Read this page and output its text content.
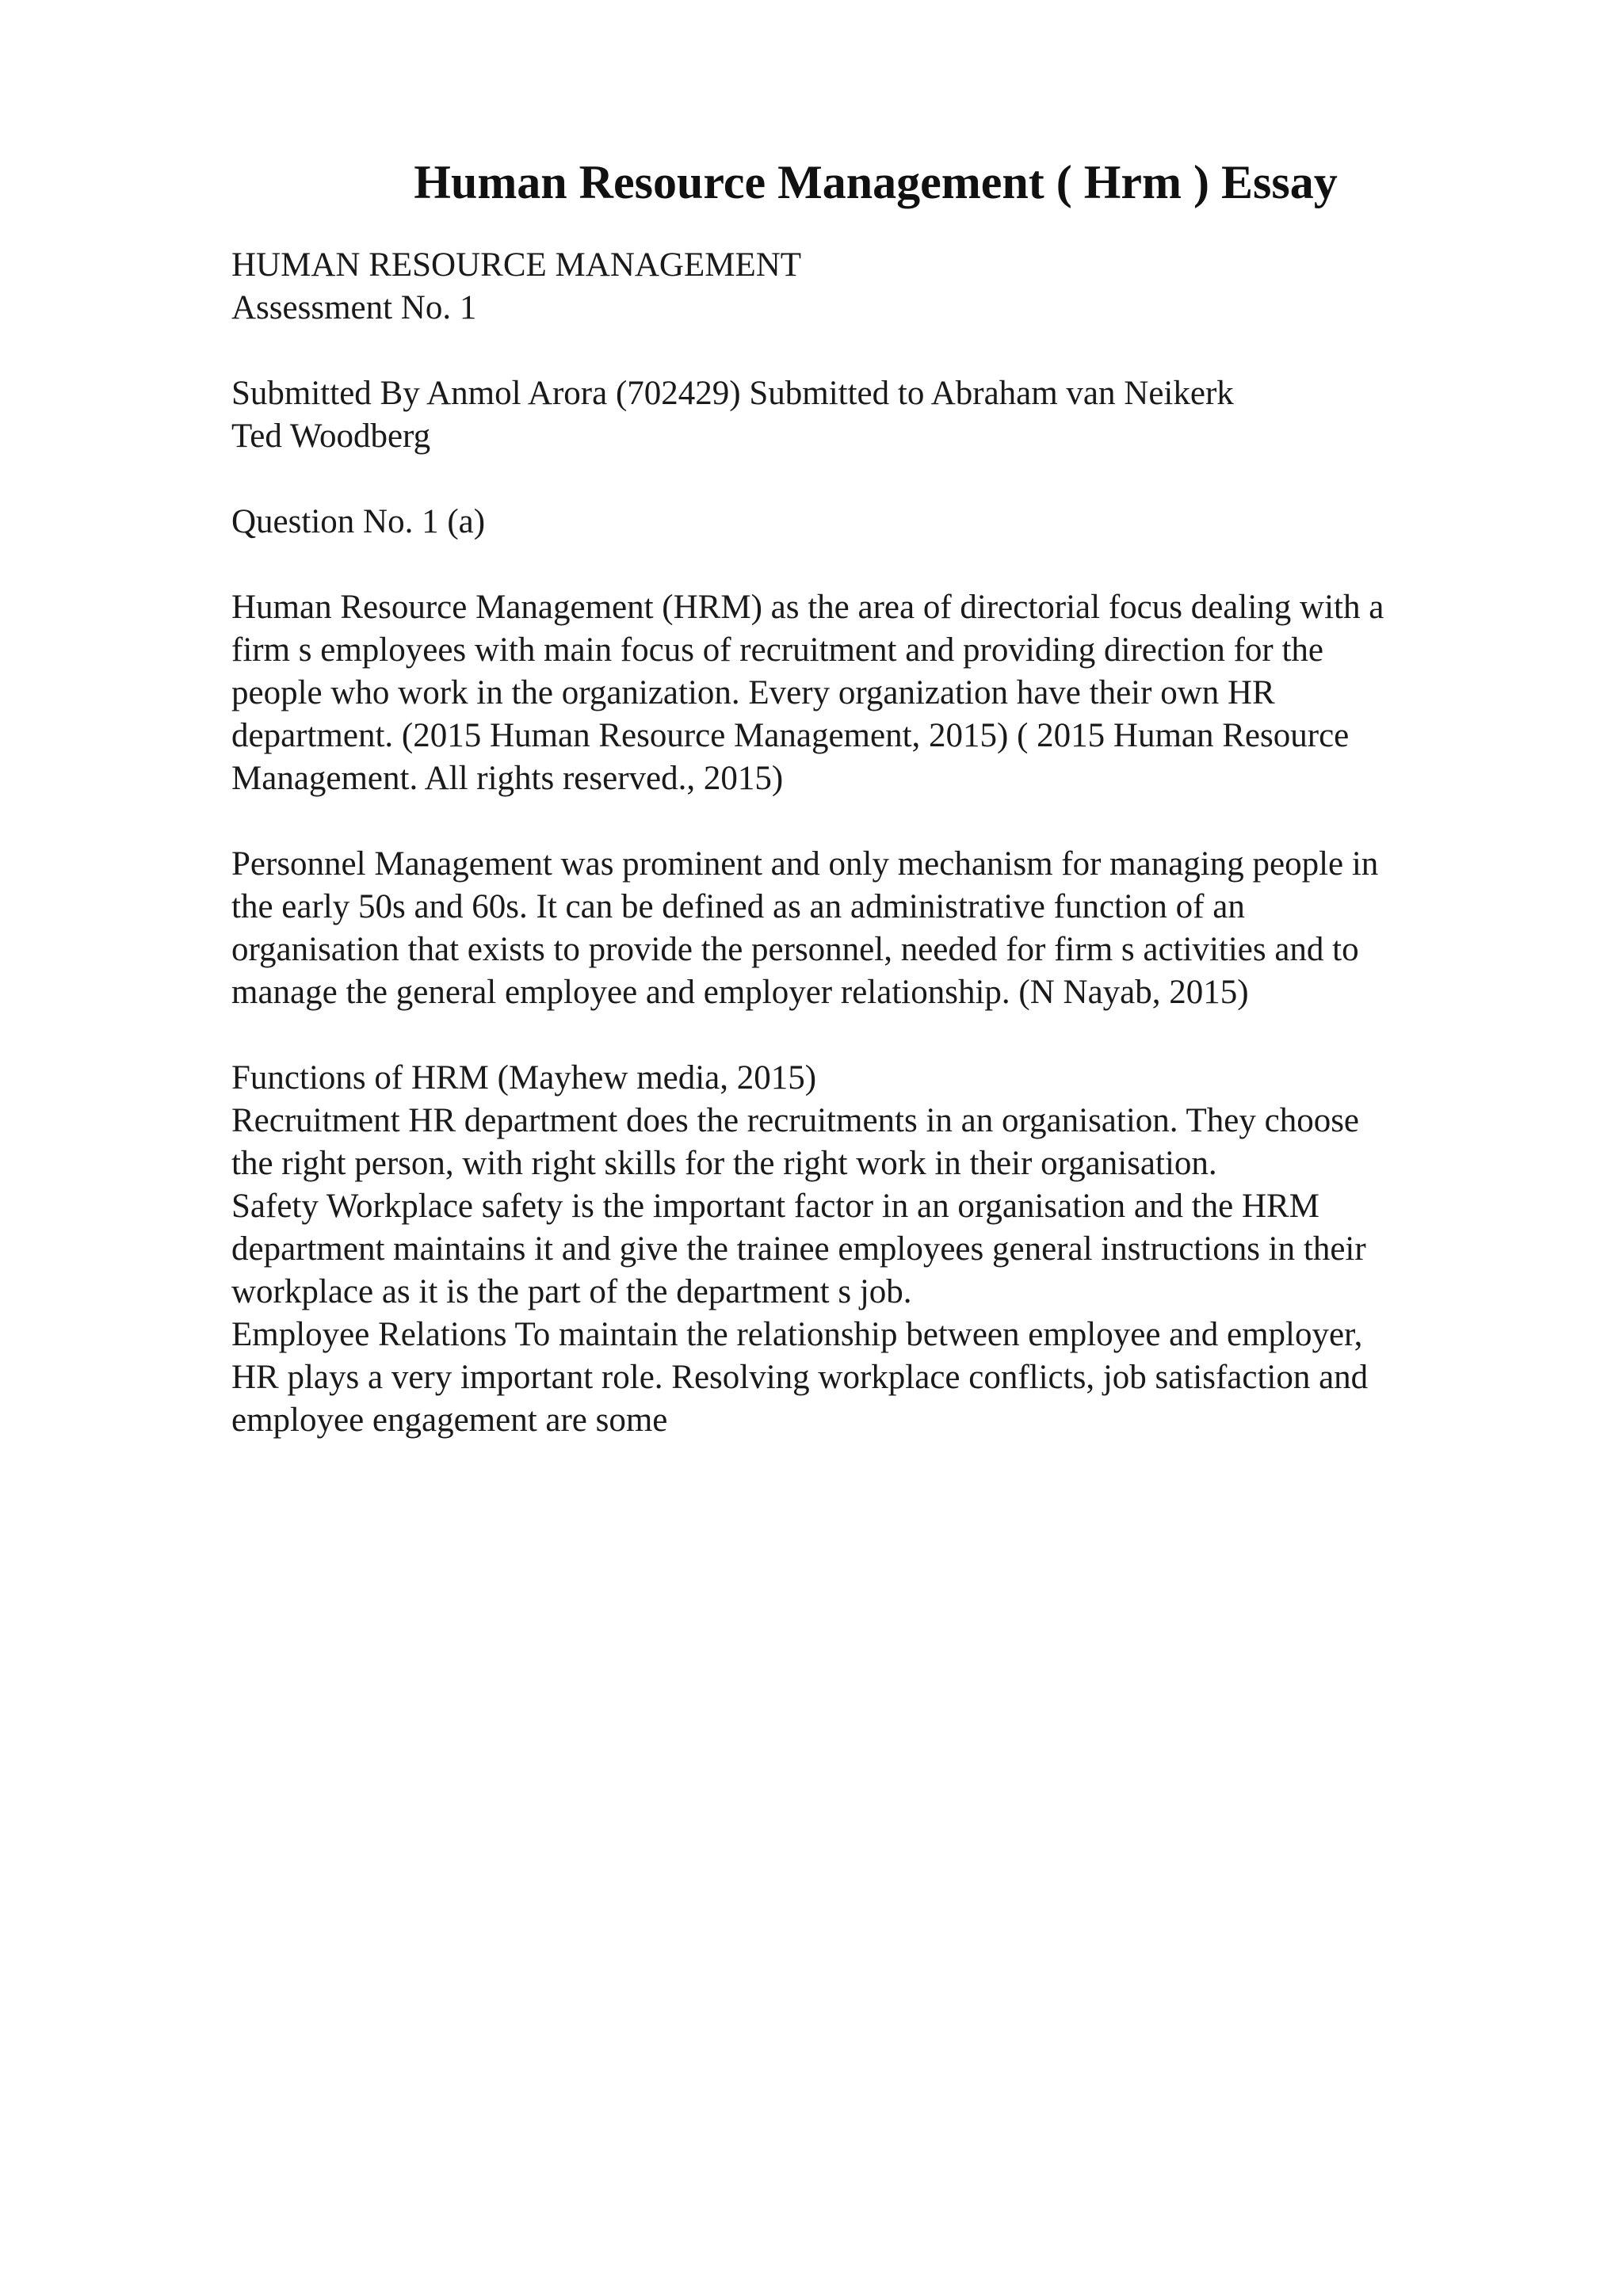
Human Resource Management ( Hrm ) Essay
HUMAN RESOURCE MANAGEMENT
Assessment No. 1
Submitted By Anmol Arora (702429) Submitted to Abraham van Neikerk
Ted Woodberg
Question No. 1 (a)
Human Resource Management (HRM) as the area of directorial focus dealing with a
firm s employees with main focus of recruitment and providing direction for the
people who work in the organization. Every organization have their own HR
department. (2015 Human Resource Management, 2015) ( 2015 Human Resource
Management. All rights reserved., 2015)
Personnel Management was prominent and only mechanism for managing people in
the early 50s and 60s. It can be defined as an administrative function of an
organisation that exists to provide the personnel, needed for firm s activities and to
manage the general employee and employer relationship. (N Nayab, 2015)
Functions of HRM (Mayhew media, 2015)
Recruitment HR department does the recruitments in an organisation. They choose
the right person, with right skills for the right work in their organisation.
Safety Workplace safety is the important factor in an organisation and the HRM
department maintains it and give the trainee employees general instructions in their
workplace as it is the part of the department s job.
Employee Relations To maintain the relationship between employee and employer,
HR plays a very important role. Resolving workplace conflicts, job satisfaction and
employee engagement are some
